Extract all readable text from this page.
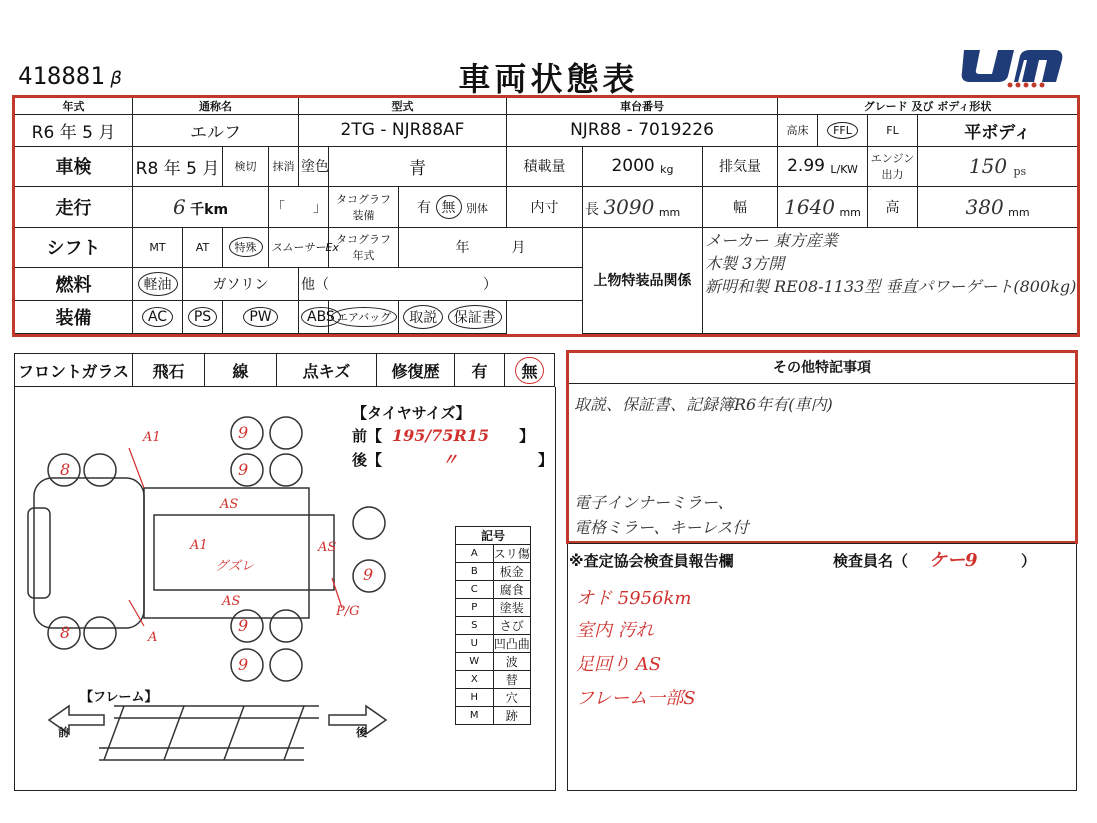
418881 β	車両状態表
年式	通称名				型式			車台番号			グレード 及び ボディ形状			
R6 年 5 月	エルフ				2TG - NJR88AF			NJR88 - 7019226			高床	FFL	FL	平ボディ
車検	R8 年 5 月		検切	抹消	塗色	青		積載量	2000 kg	排気量	2.99 L/KW		エンジン出力	150 ps
走行	6 千km			「　　」		タコグラフ装備	有 無 別体	内寸	長 3090 mm	幅	1640 mm		高	380 mm
シフト	MT	AT	特殊	スムーサーEx		タコグラフ年式	年　　　 月		上物特装品関係	メーカー 東方産業
木製 3方開
新明和製 RE08-1133型 垂直パワーゲート(800kg)				

燃料	軽油	ガソリン			他（　　　　　　　　　　　 ）									
装備	AC	PS	PW		ABS	エアバッグ	取説 保証書							
フロントガラス	飛石	線	点キズ	修復歴	有	無
A1
AS
A1
グズレ
AS
AS
A
P/G
9
9
8
9
8	9
9
【フレーム】
前	後
【タイヤサイズ】
前【 195/75R15 】
後【	〃	】
記号	
A	スリ傷
B	板金
C	腐食
P	塗装
S	さび
U	凹凸曲
W	波
X	替
H	穴
M	跡
その他特記事項
取説、保証書、記録簿R6年有(車内)
電子インナーミラー、
電格ミラー、キーレス付
※査定協会検査員報告欄	検査員名（ ケー9	）
オド 5956km
室内 汚れ
足回り AS
フレーム一部S
